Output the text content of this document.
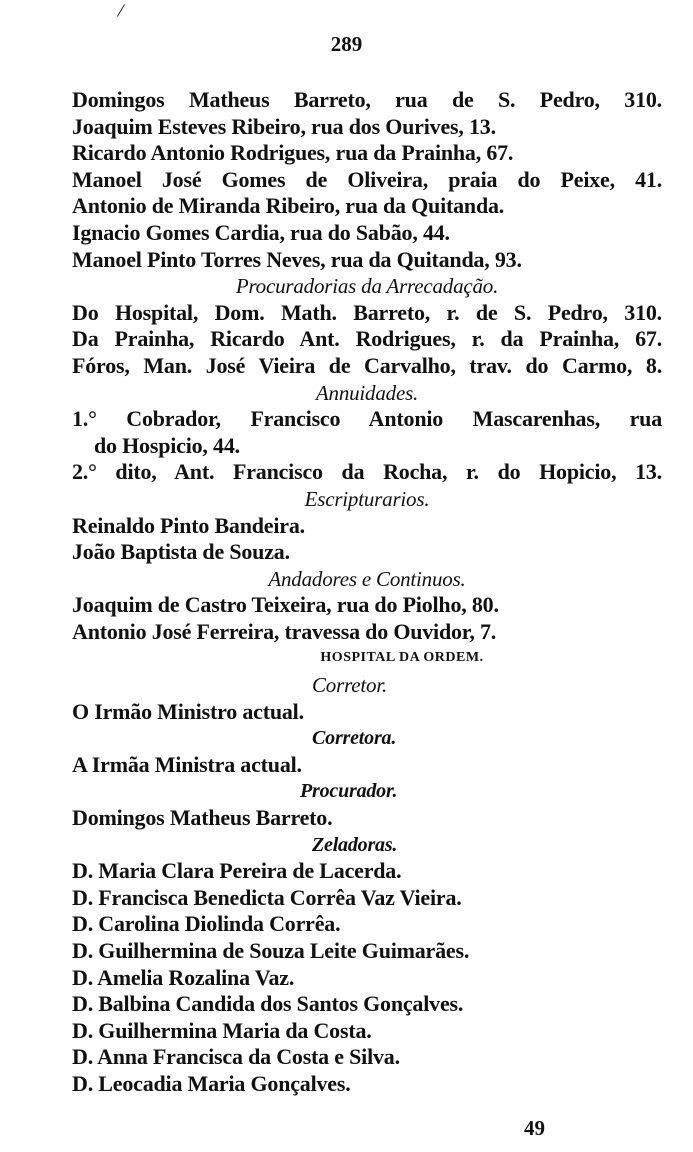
/
289
Domingos Matheus Barreto, rua de S. Pedro, 310.
Joaquim Esteves Ribeiro, rua dos Ourives, 13.
Ricardo Antonio Rodrigues, rua da Prainha, 67.
Manoel José Gomes de Oliveira, praia do Peixe, 41.
Antonio de Miranda Ribeiro, rua da Quitanda.
Ignacio Gomes Cardia, rua do Sabão, 44.
Manoel Pinto Torres Neves, rua da Quitanda, 93.
Procuradorias da Arrecadação.
Do Hospital, Dom. Math. Barreto, r. de S. Pedro, 310.
Da Prainha, Ricardo Ant. Rodrigues, r. da Prainha, 67.
Fóros, Man. José Vieira de Carvalho, trav. do Carmo, 8.
Annuidades.
1.° Cobrador, Francisco Antonio Mascarenhas, rua
do Hospicio, 44.
2.° dito, Ant. Francisco da Rocha, r. do Hopicio, 13.
Escripturarios.
Reinaldo Pinto Bandeira.
João Baptista de Souza.
Andadores e Continuos.
Joaquim de Castro Teixeira, rua do Piolho, 80.
Antonio José Ferreira, travessa do Ouvidor, 7.
HOSPITAL DA ORDEM.
Corretor.
O Irmão Ministro actual.
Corretora.
A Irmãa Ministra actual.
Procurador.
Domingos Matheus Barreto.
Zeladoras.
D. Maria Clara Pereira de Lacerda.
D. Francisca Benedicta Corrêa Vaz Vieira.
D. Carolina Diolinda Corrêa.
D. Guilhermina de Souza Leite Guimarães.
D. Amelia Rozalina Vaz.
D. Balbina Candida dos Santos Gonçalves.
D. Guilhermina Maria da Costa.
D. Anna Francisca da Costa e Silva.
D. Leocadia Maria Gonçalves.
49
